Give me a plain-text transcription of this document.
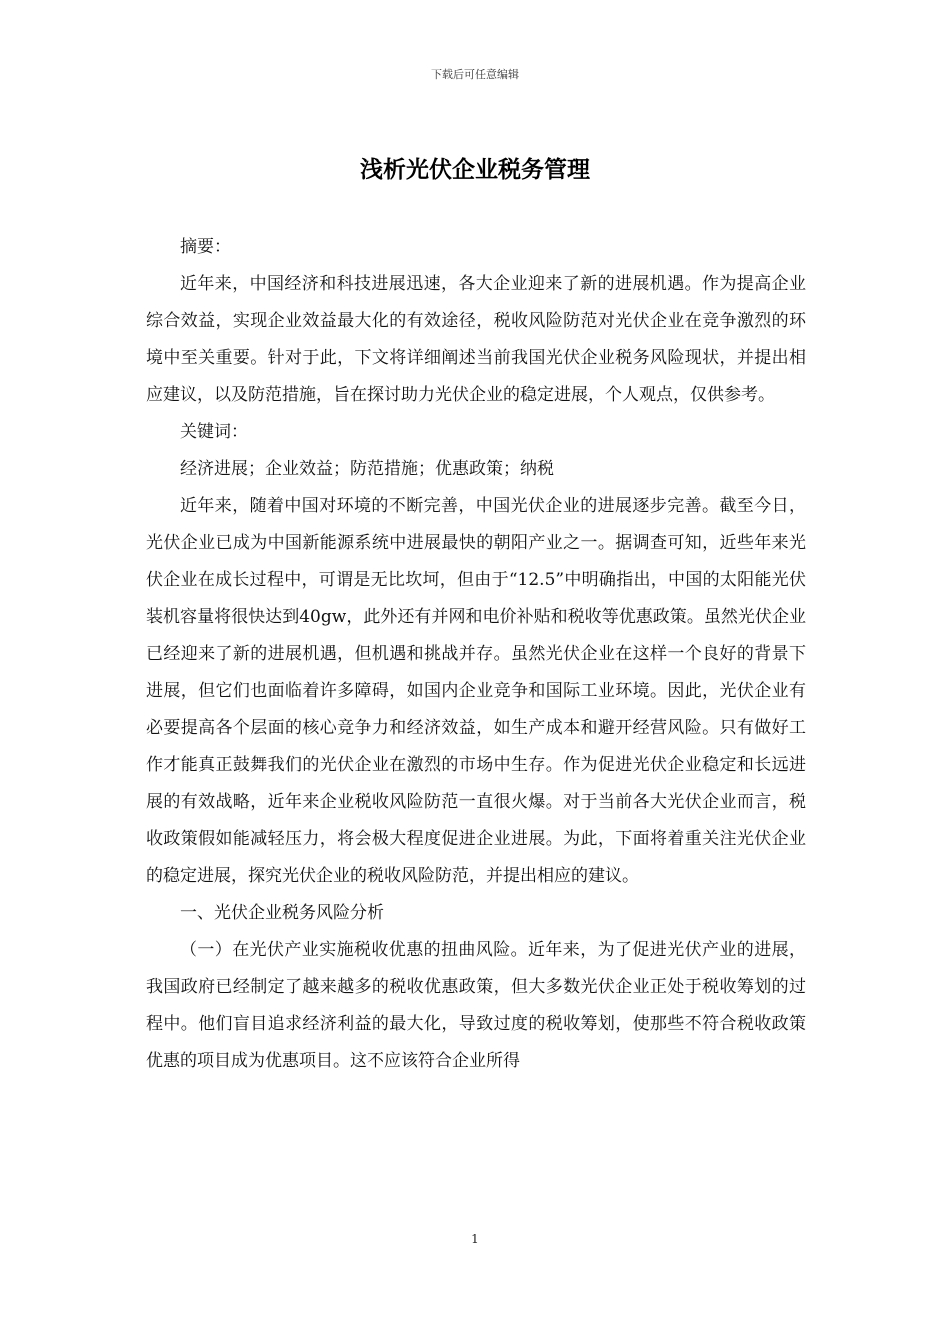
下载后可任意编辑
浅析光伏企业税务管理

摘要：

近年来，中国经济和科技进展迅速，各大企业迎来了新的进展机遇。作为提高企业综合效益，实现企业效益最大化的有效途径，税收风险防范对光伏企业在竞争激烈的环境中至关重要。针对于此，下文将详细阐述当前我国光伏企业税务风险现状，并提出相应建议，以及防范措施，旨在探讨助力光伏企业的稳定进展，个人观点，仅供参考。

关键词：

经济进展；企业效益；防范措施；优惠政策；纳税

近年来，随着中国对环境的不断完善，中国光伏企业的进展逐步完善。截至今日，光伏企业已成为中国新能源系统中进展最快的朝阳产业之一。据调查可知，近些年来光伏企业在成长过程中，可谓是无比坎坷，但由于“12.5”中明确指出，中国的太阳能光伏装机容量将很快达到40gw，此外还有并网和电价补贴和税收等优惠政策。虽然光伏企业已经迎来了新的进展机遇，但机遇和挑战并存。虽然光伏企业在这样一个良好的背景下进展，但它们也面临着许多障碍，如国内企业竞争和国际工业环境。因此，光伏企业有必要提高各个层面的核心竞争力和经济效益，如生产成本和避开经营风险。只有做好工作才能真正鼓舞我们的光伏企业在激烈的市场中生存。作为促进光伏企业稳定和长远进展的有效战略，近年来企业税收风险防范一直很火爆。对于当前各大光伏企业而言，税收政策假如能减轻压力，将会极大程度促进企业进展。为此，下面将着重关注光伏企业的稳定进展，探究光伏企业的税收风险防范，并提出相应的建议。

一、光伏企业税务风险分析

（一）在光伏产业实施税收优惠的扭曲风险。近年来，为了促进光伏产业的进展，我国政府已经制定了越来越多的税收优惠政策，但大多数光伏企业正处于税收筹划的过程中。他们盲目追求经济利益的最大化，导致过度的税收筹划，使那些不符合税收政策优惠的项目成为优惠项目。这不应该符合企业所得

1
